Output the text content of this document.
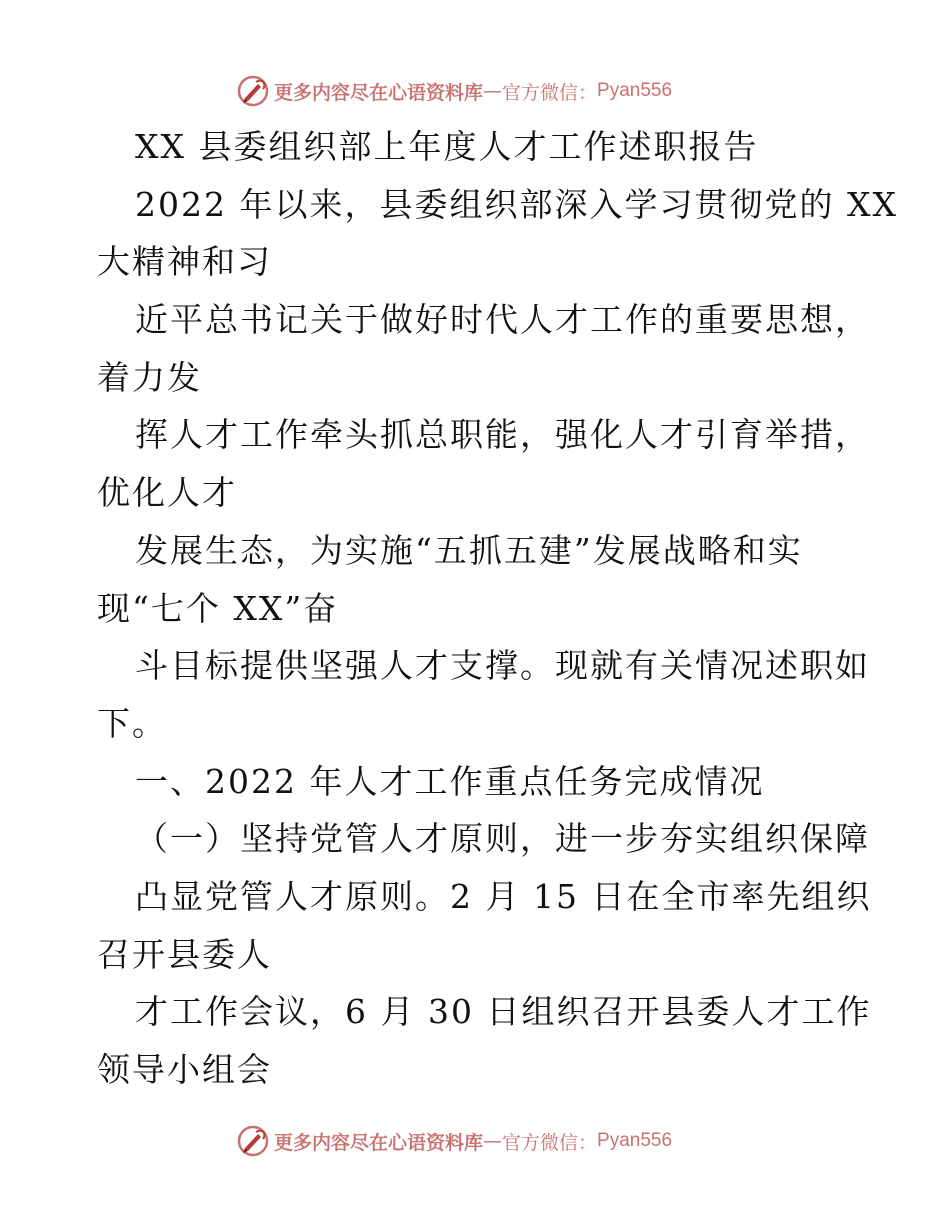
更多内容尽在心语资料库 — 官方微信： Pyan556
XX 县委组织部上年度人才工作述职报告
2022 年以来，县委组织部深入学习贯彻党的 XX
大精神和习
近平总书记关于做好时代人才工作的重要思想，
着力发
挥人才工作牵头抓总职能，强化人才引育举措，
优化人才
发展生态，为实施“五抓五建”发展战略和实
现“七个 XX”奋
斗目标提供坚强人才支撑。现就有关情况述职如
下。
一、2022 年人才工作重点任务完成情况
（一）坚持党管人才原则，进一步夯实组织保障
凸显党管人才原则。2 月 15 日在全市率先组织
召开县委人
才工作会议，6 月 30 日组织召开县委人才工作
领导小组会
更多内容尽在心语资料库 — 官方微信： Pyan556
